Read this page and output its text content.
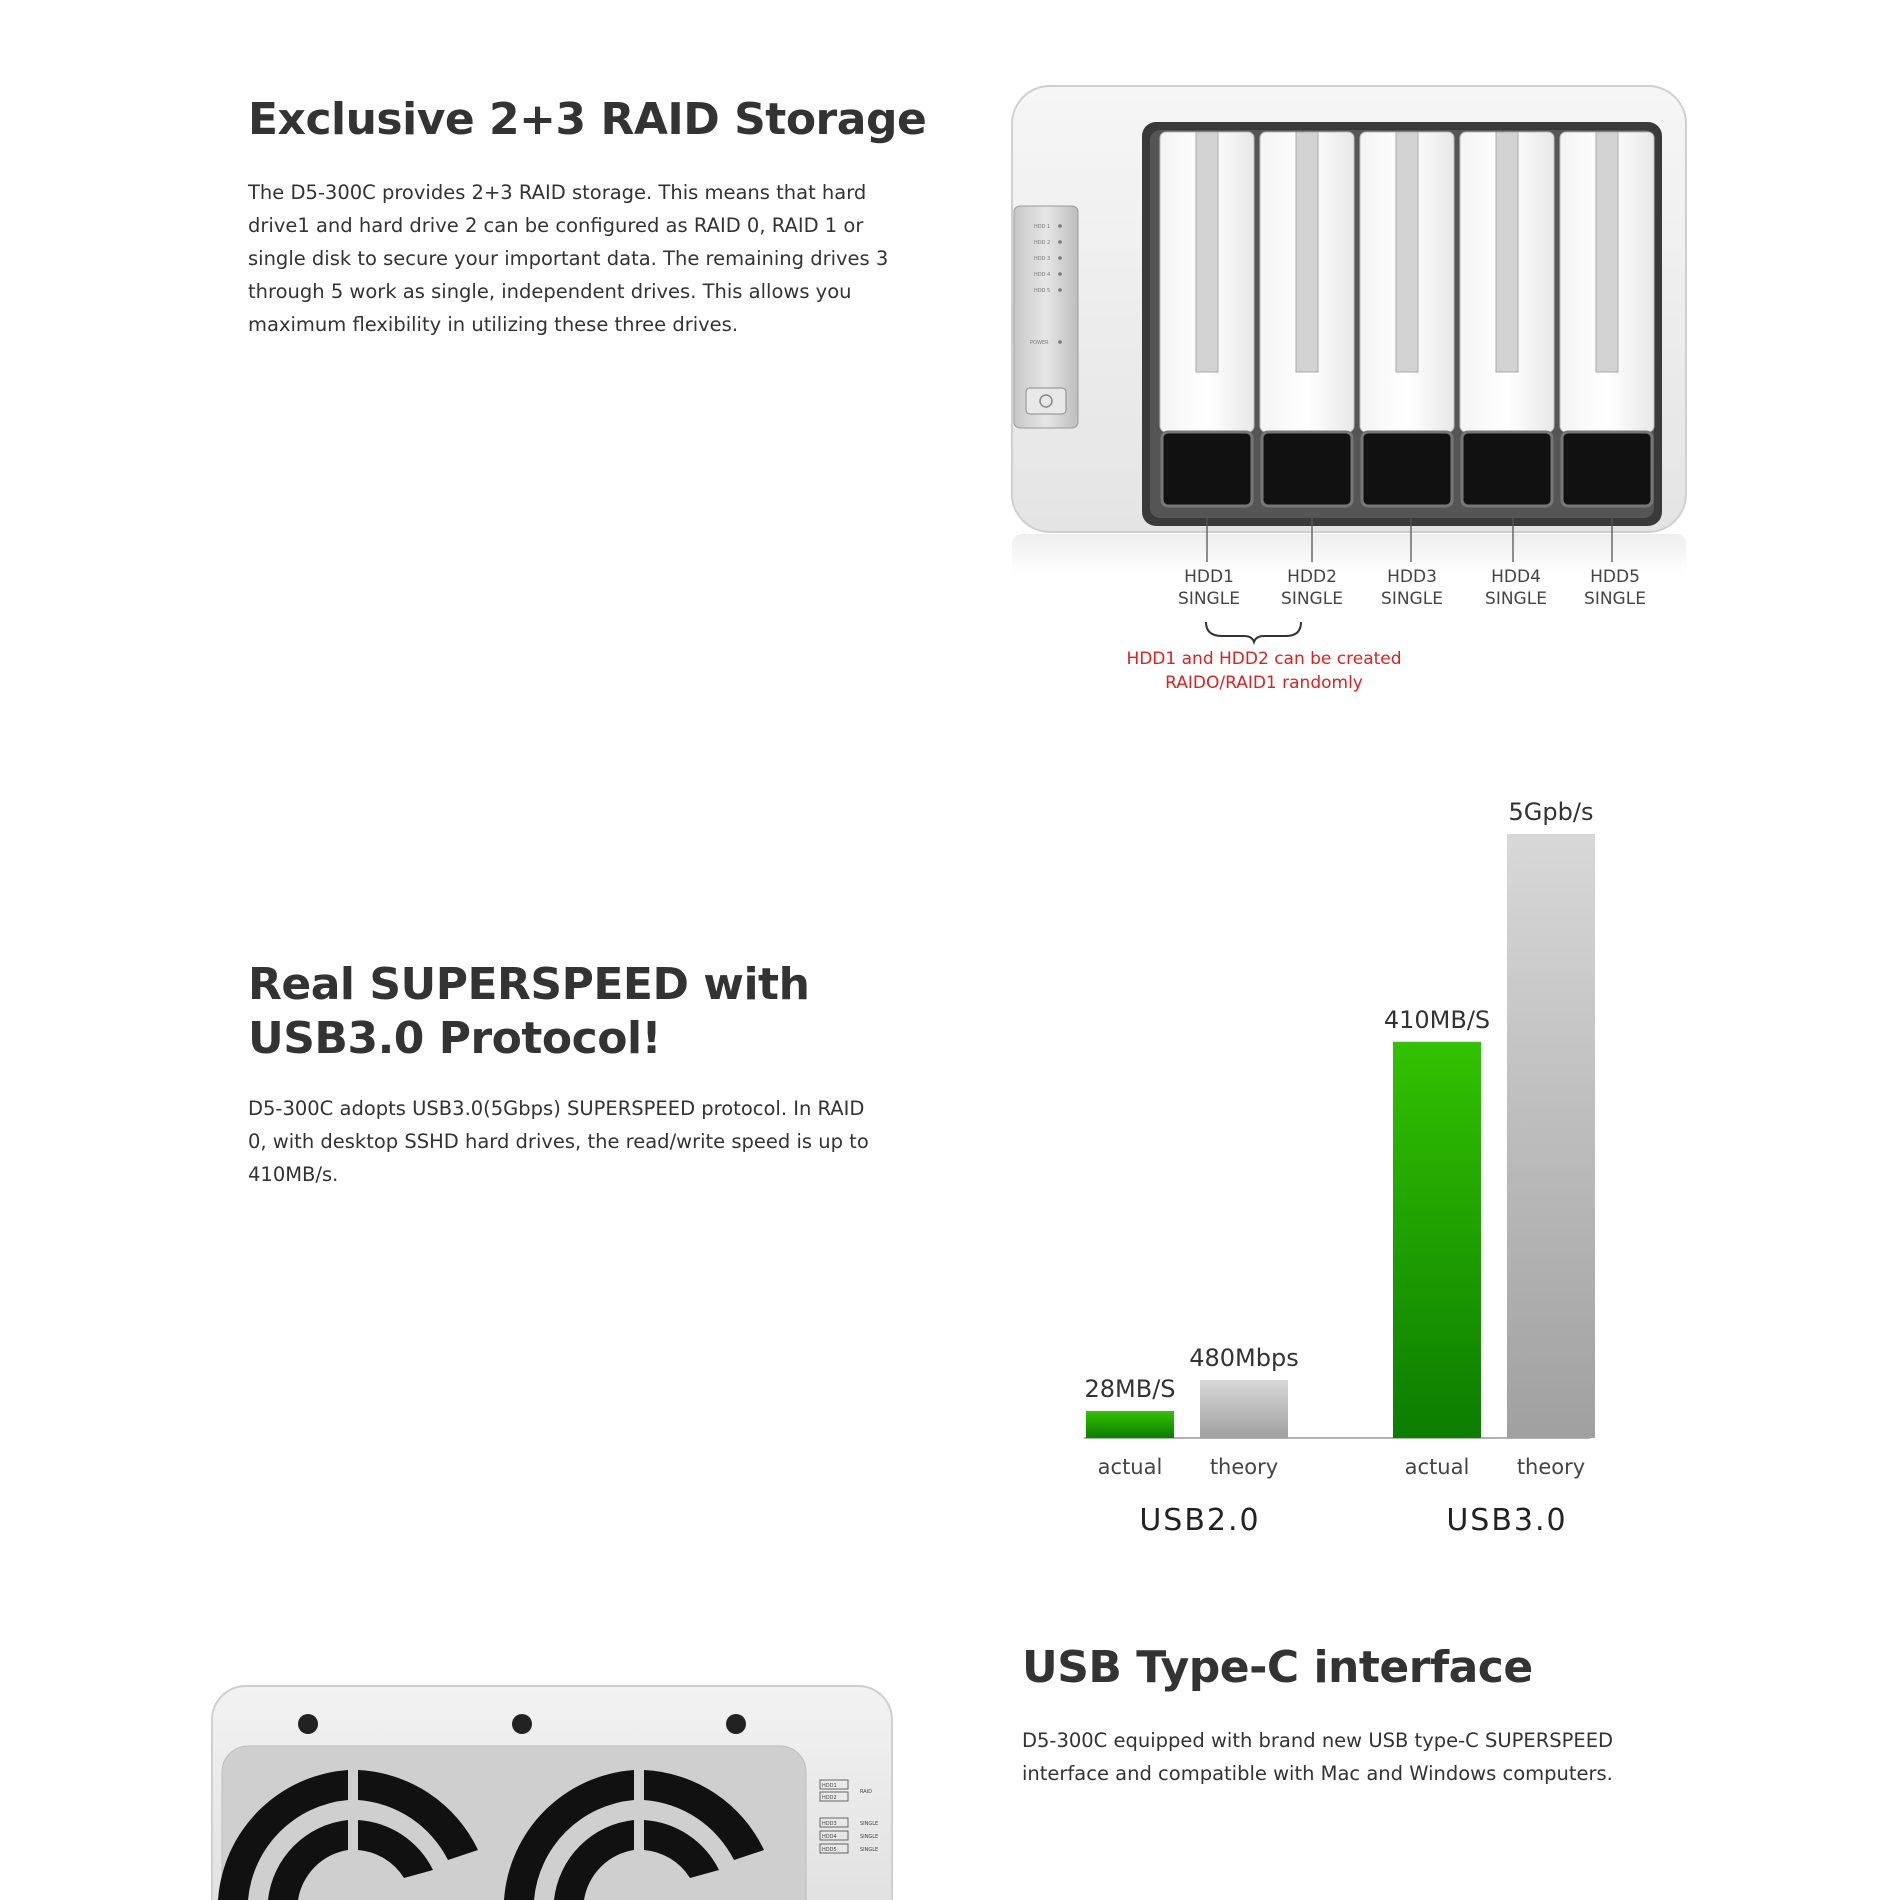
Exclusive 2+3 RAID Storage

The D5-300C provides 2+3 RAID storage. This means that hard drive1 and hard drive 2 can be configured as RAID 0, RAID 1 or single disk to secure your important data. The remaining drives 3 through 5 work as single, independent drives. This allows you maximum flexibility in utilizing these three drives.

HDD 1
HDD 2
HDD 3
HDD 4
HDD 5
POWER
HDD1
SINGLE
HDD2
SINGLE
HDD3
SINGLE
HDD4
SINGLE
HDD5
SINGLE
HDD1 and HDD2 can be created
RAIDO/RAID1 randomly
Real SUPERSPEED with USB3.0 Protocol!

D5-300C adopts USB3.0(5Gbps) SUPERSPEED protocol. In RAID 0, with desktop SSHD hard drives, the read/write speed is up to 410MB/s.

28MB/S
480Mbps
410MB/S
5Gpb/s
actual theory	actual theory
USB2.0	USB3.0
HDD1
HDD2
RAID
HDD3	SINGLE
HDD4	SINGLE
HDD5	SINGLE
USB Type-C interface

D5-300C equipped with brand new USB type-C SUPERSPEED interface and compatible with Mac and Windows computers.
